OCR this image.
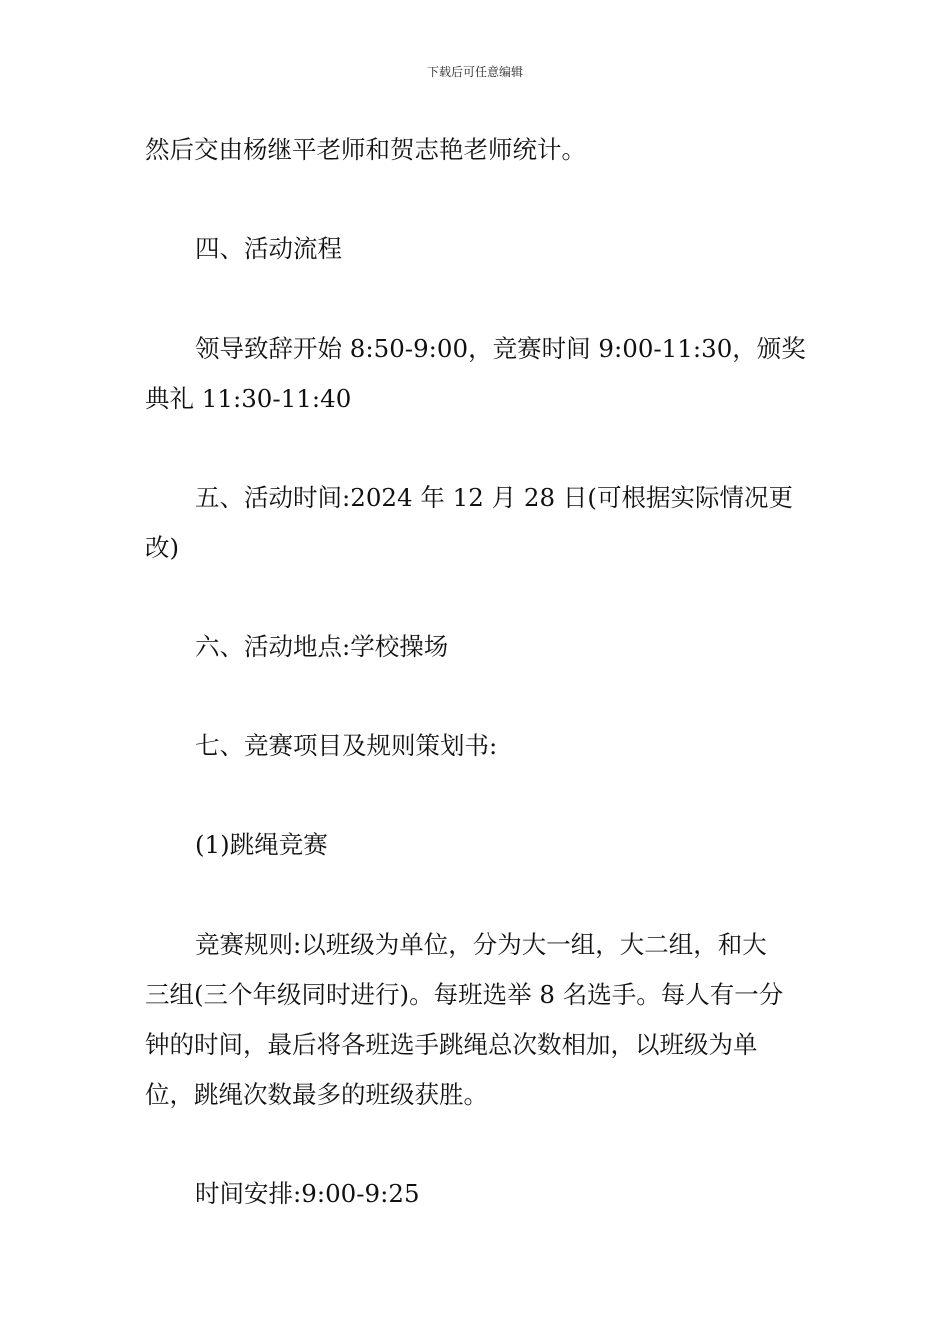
下载后可任意编辑
然后交由杨继平老师和贺志艳老师统计。
四、活动流程
领导致辞开始 8:50-9:00，竞赛时间 9:00-11:30，颁奖
典礼 11:30-11:40
五、活动时间:2024 年 12 月 28 日(可根据实际情况更
改)
六、活动地点:学校操场
七、竞赛项目及规则策划书:
(1)跳绳竞赛
竞赛规则:以班级为单位，分为大一组，大二组，和大
三组(三个年级同时进行)。每班选举 8 名选手。每人有一分
钟的时间，最后将各班选手跳绳总次数相加，以班级为单
位，跳绳次数最多的班级获胜。
时间安排:9:00-9:25
